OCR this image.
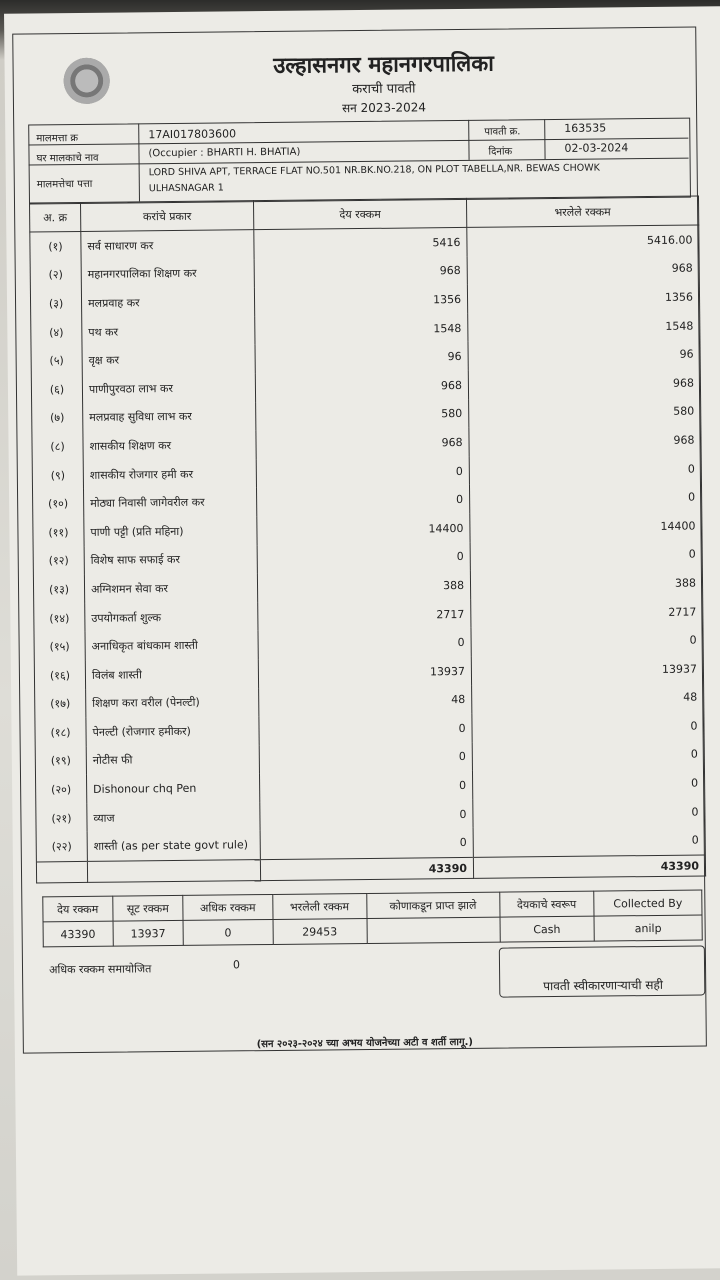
उल्हासनगर महानगरपालिका
कराची पावती
सन 2023-2024
मालमत्ता क्र	17AI017803600	पावती क्र.	163535
घर मालकाचे नाव	(Occupier : BHARTI H. BHATIA)	दिनांक	02-03-2024
मालमत्तेचा पत्ता
LORD SHIVA APT, TERRACE FLAT NO.501 NR.BK.NO.218, ON PLOT TABELLA,NR. BEWAS CHOWK
ULHASNAGAR 1
अ. क्र	करांचे प्रकार	देय रक्कम	भरलेले रक्कम
(१)	सर्व साधारण कर	5416	5416.00
(२)	महानगरपालिका शिक्षण कर	968	968
(३)	मलप्रवाह कर	1356	1356
(४)	पथ कर	1548	1548
(५)	वृक्ष कर	96	96
(६)	पाणीपुरवठा लाभ कर	968	968
(७)	मलप्रवाह सुविधा लाभ कर	580	580
(८)	शासकीय शिक्षण कर	968	968
(९)	शासकीय रोजगार हमी कर	0	0
(१०)	मोठ्या निवासी जागेवरील कर	0	0
(११)	पाणी पट्टी (प्रति महिना)	14400	14400
(१२)	विशेष साफ सफाई कर	0	0
(१३)	अग्निशमन सेवा कर	388	388
(१४)	उपयोगकर्ता शुल्क	2717	2717
(१५)	अनाधिकृत बांधकाम शास्ती	0	0
(१६)	विलंब शास्ती	13937	13937
(१७)	शिक्षण करा वरील (पेनल्टी)	48	48
(१८)	पेनल्टी (रोजगार हमीकर)	0	0
(१९)	नोटीस फी	0	0
(२०)	Dishonour chq Pen	0	0
(२१)	व्याज	0	0
(२२)	शास्ती (as per state govt rule)	0	0
		43390	43390
देय रक्कम	सूट रक्कम	अधिक रक्कम	भरलेली रक्कम	कोणाकडून प्राप्त झाले	देयकाचे स्वरूप	Collected By
43390	13937	0	29453		Cash	anilp
अधिक रक्कम समायोजित	0
पावती स्वीकारणाऱ्याची सही
(सन २०२३-२०२४ च्या अभय योजनेच्या अटी व शर्ती लागू.)
